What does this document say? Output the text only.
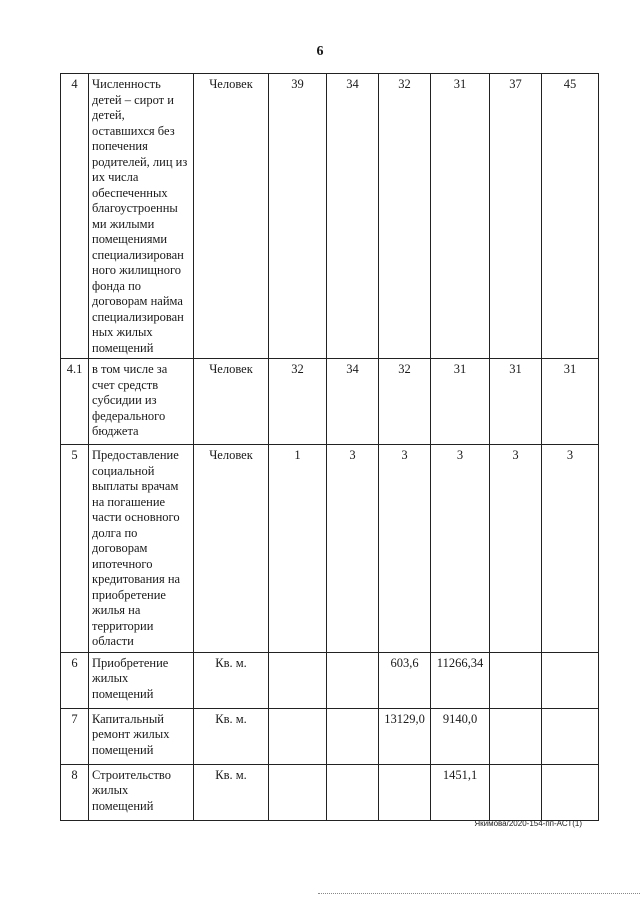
6
4	Численность детей – сирот и детей, оставшихся без попечения родителей, лиц из их числа обеспеченных благоустроенны ми жилыми помещениями специализирован ного жилищного фонда по договорам найма специализирован ных жилых помещений	Человек	39	34	32	31	37	45
4.1	в том числе за счет средств субсидии из федерального бюджета	Человек	32	34	32	31	31	31
5	Предоставление социальной выплаты врачам на погашение части основного долга по договорам ипотечного кредитования на приобретение жилья на территории области	Человек	1	3	3	3	3	3
6	Приобретение жилых помещений	Кв. м.			603,6	11266,34		
7	Капитальный ремонт жилых помещений	Кв. м.			13129,0	9140,0		
8	Строительство жилых помещений	Кв. м.				1451,1		
Якимова/2020-154-пп-АСТ(1)
